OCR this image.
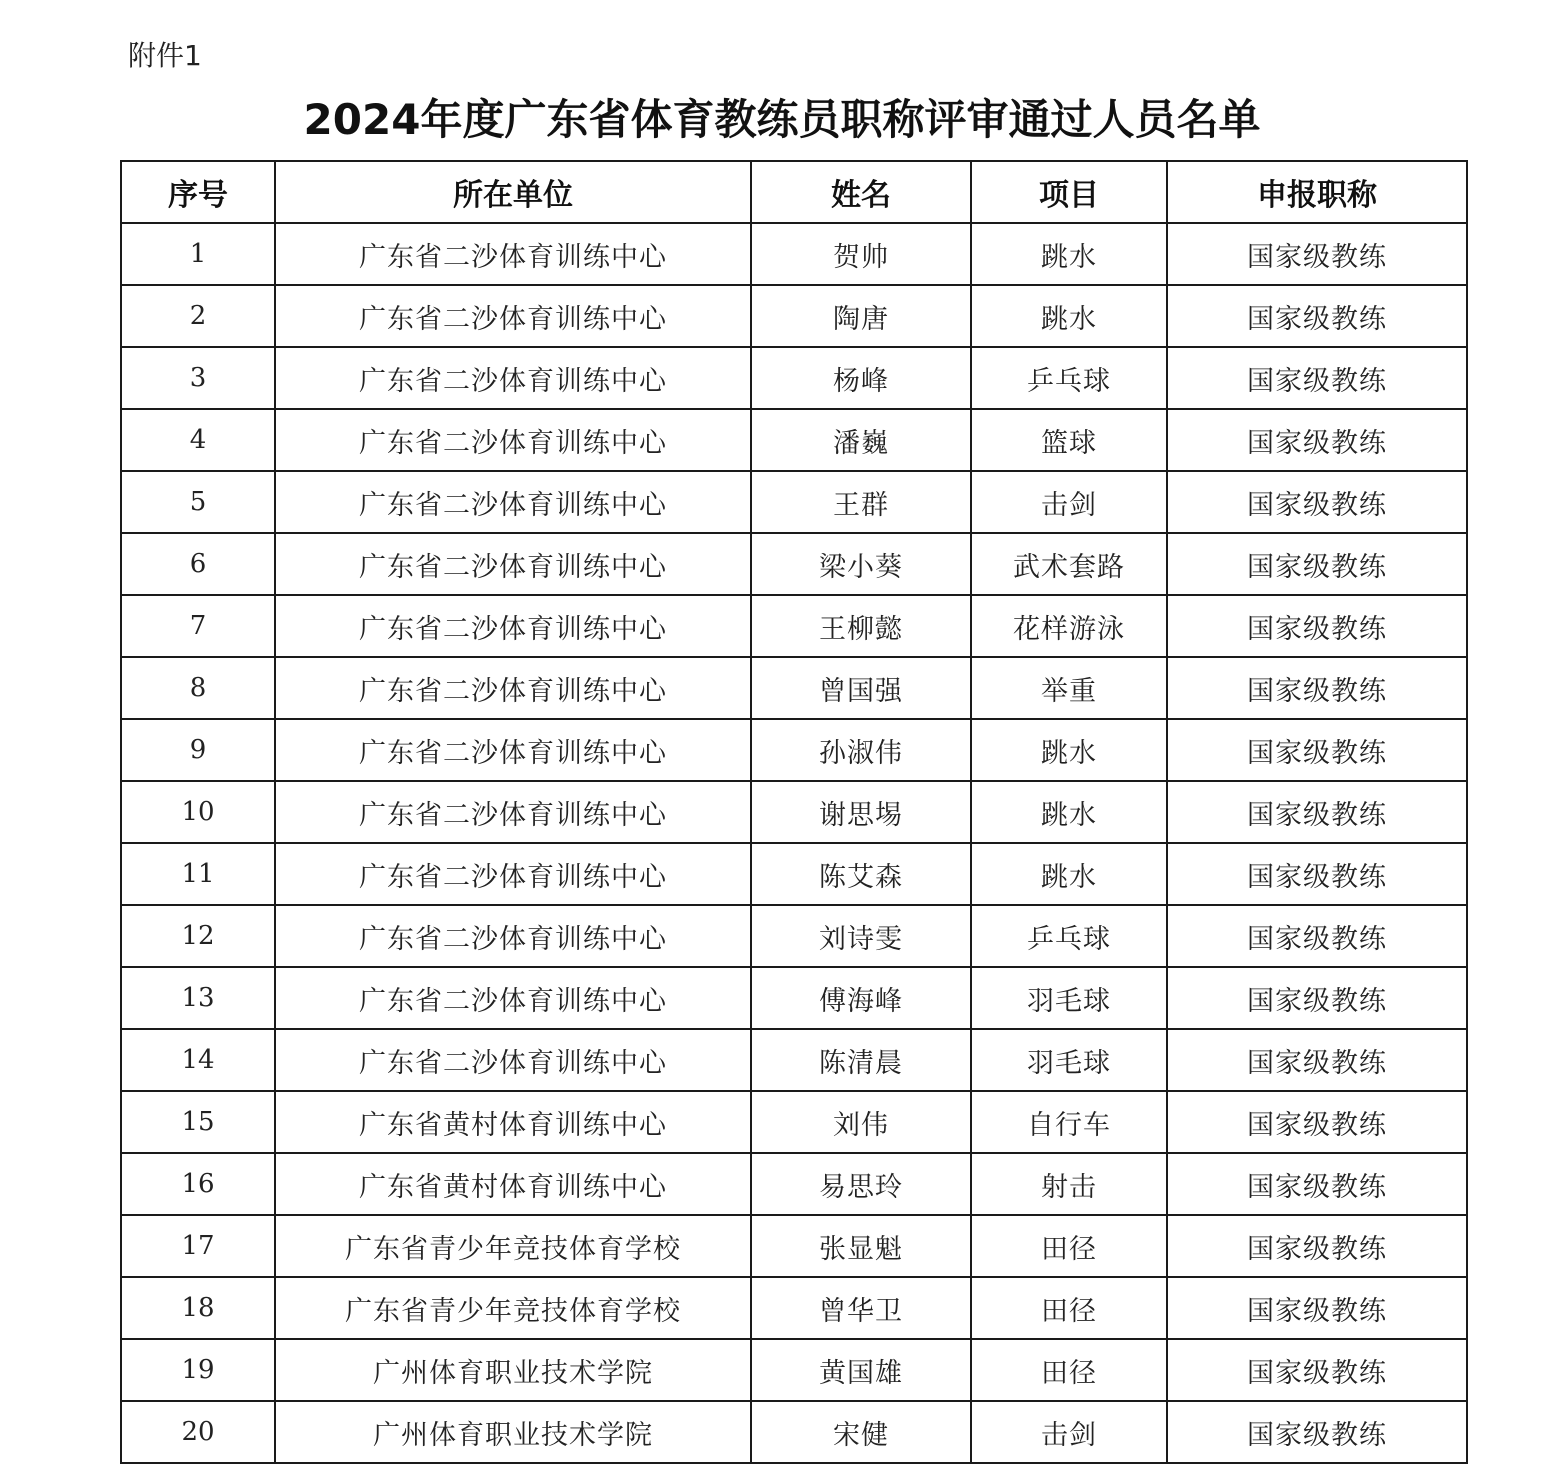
附件1
2024年度广东省体育教练员职称评审通过人员名单
序号	所在单位	姓名	项目	申报职称
1	广东省二沙体育训练中心	贺帅	跳水	国家级教练
2	广东省二沙体育训练中心	陶唐	跳水	国家级教练
3	广东省二沙体育训练中心	杨峰	乒乓球	国家级教练
4	广东省二沙体育训练中心	潘巍	篮球	国家级教练
5	广东省二沙体育训练中心	王群	击剑	国家级教练
6	广东省二沙体育训练中心	梁小葵	武术套路	国家级教练
7	广东省二沙体育训练中心	王柳懿	花样游泳	国家级教练
8	广东省二沙体育训练中心	曾国强	举重	国家级教练
9	广东省二沙体育训练中心	孙淑伟	跳水	国家级教练
10	广东省二沙体育训练中心	谢思埸	跳水	国家级教练
11	广东省二沙体育训练中心	陈艾森	跳水	国家级教练
12	广东省二沙体育训练中心	刘诗雯	乒乓球	国家级教练
13	广东省二沙体育训练中心	傅海峰	羽毛球	国家级教练
14	广东省二沙体育训练中心	陈清晨	羽毛球	国家级教练
15	广东省黄村体育训练中心	刘伟	自行车	国家级教练
16	广东省黄村体育训练中心	易思玲	射击	国家级教练
17	广东省青少年竞技体育学校	张显魁	田径	国家级教练
18	广东省青少年竞技体育学校	曾华卫	田径	国家级教练
19	广州体育职业技术学院	黄国雄	田径	国家级教练
20	广州体育职业技术学院	宋健	击剑	国家级教练
